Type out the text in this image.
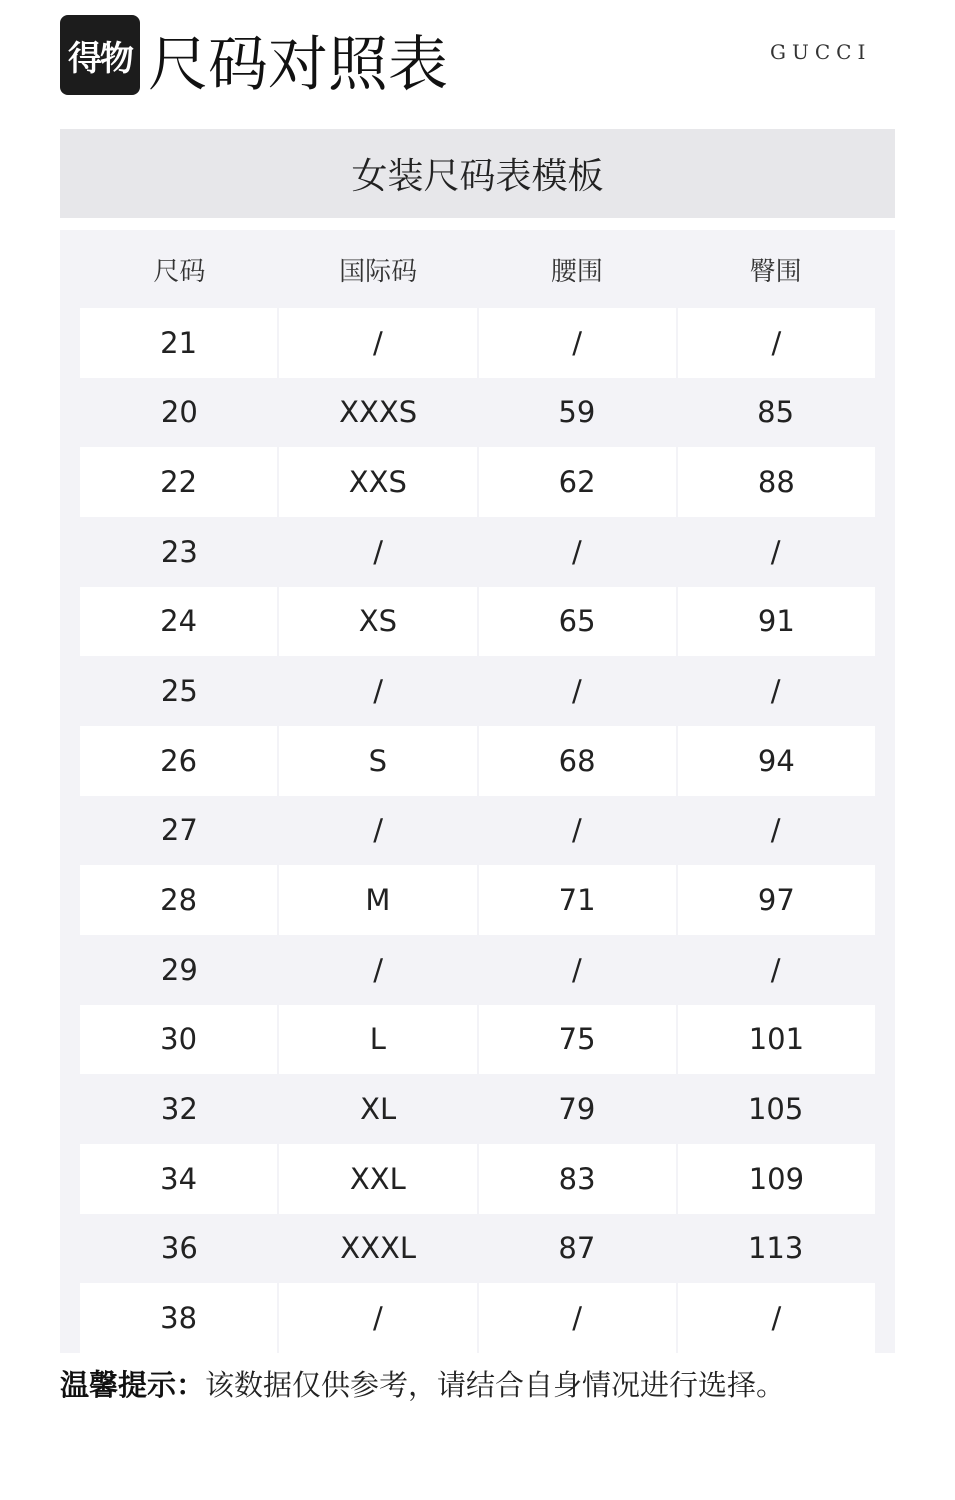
得物 尺码对照表	GUCCI
女装尺码表模板
尺码	国际码	腰围	臀围
21	/	/	/
20	XXXS	59	85
22	XXS	62	88
23	/	/	/
24	XS	65	91
25	/	/	/
26	S	68	94
27	/	/	/
28	M	71	97
29	/	/	/
30	L	75	101
32	XL	79	105
34	XXL	83	109
36	XXXL	87	113
38	/	/	/
温馨提示：该数据仅供参考，请结合自身情况进行选择。
